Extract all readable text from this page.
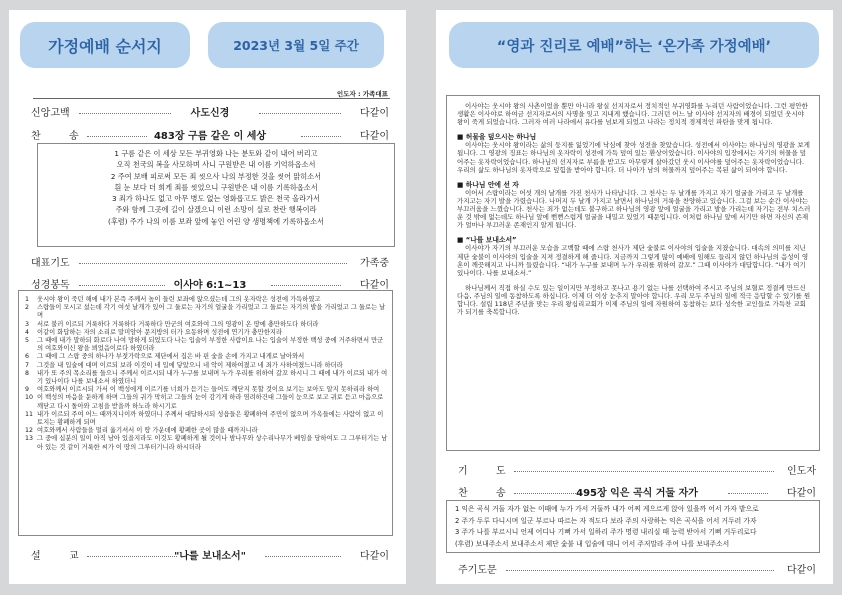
가정예배 순서지	2023년 3월 5일 주간
인도자 : 가족대표
신앙고백	사도신경	다같이
찬	송	483장 구름 같은 이 세상	다같이
1 구름 같은 이 세상 모든 부귀영화 나는 분토와 같이 내어 버리고
오직 천국의 복을 사모하며 사니 구원받은 내 이름 기억하옵소서
2 주여 보배 피로써 모든 죄 씻으사 나의 부정한 것을 씻어 맑히소서
흰 눈 보다 더 희게 죄를 씻었으니 구원받은 내 이름 기록하옵소서
3 죄가 하나도 없고 아무 병도 없는 영화롭고도 밝은 천국 올라가서
주와 함께 그곳에 길이 살겠으니 이런 소망이 실로 찬란 행복이라
(후렴) 주가 나의 이름 보좌 앞에 놓인 어린 양 생명책에 기록하옵소서
대표기도	가족중
성경봉독	이사야 6:1~13	다같이
1 웃시야 왕이 죽던 해에 내가 본즉 주께서 높이 들린 보좌에 앉으셨는데 그의 옷자락은 성전에 가득하였고
2 스랍들이 모시고 섰는데 각기 여섯 날개가 있어 그 둘로는 자기의 얼굴을 가리었고 그 둘로는 자기의 발을 가리었고 그 둘로는 날며
3 서로 불러 이르되 거룩하다 거룩하다 거룩하다 만군의 여호와여 그의 영광이 온 땅에 충만하도다 하더라
4 이같이 화답하는 자의 소리로 말미암아 문지방의 터가 요동하며 성전에 연기가 충만한지라
5 그 때에 내가 말하되 화로다 나여 망하게 되었도다 나는 입술이 부정한 사람이요 나는 입술이 부정한 백성 중에 거주하면서 만군의 여호와이신 왕을 뵈었음이로다 하였더라
6 그 때에 그 스랍 중의 하나가 부젓가락으로 제단에서 집은 바 핀 숯을 손에 가지고 내게로 날아와서
7 그것을 내 입술에 대며 이르되 보라 이것이 네 입에 닿았으니 네 악이 제하여졌고 네 죄가 사하여졌느니라 하더라
8 내가 또 주의 목소리를 들으니 주께서 이르시되 내가 누구를 보내며 누가 우리를 위하여 갈꼬 하시니 그 때에 내가 이르되 내가 여기 있나이다 나를 보내소서 하였더니
9 여호와께서 이르시되 가서 이 백성에게 이르기를 너희가 듣기는 들어도 깨닫지 못할 것이요 보기는 보아도 알지 못하리라 하여
10 이 백성의 마음을 둔하게 하며 그들의 귀가 막히고 그들의 눈이 감기게 하라 염려하건대 그들이 눈으로 보고 귀로 듣고 마음으로 깨닫고 다시 돌아와 고침을 받을까 하노라 하시기로
11 내가 이르되 주여 어느 때까지니이까 하였더니 주께서 대답하시되 성읍들은 황폐하여 주민이 없으며 가옥들에는 사람이 없고 이 토지는 황폐하게 되며
12 여호와께서 사람들을 멀리 옮기셔서 이 땅 가운데에 황폐한 곳이 많을 때까지니라
13 그 중에 십분의 일이 아직 남아 있을지라도 이것도 황폐하게 될 것이나 밤나무와 상수리나무가 베임을 당하여도 그 그루터기는 남아 있는 것 같이 거룩한 씨가 이 땅의 그루터기니라 하시더라
설	교	"나를 보내소서"	다같이
“영과 진리로 예배”하는 ‘온가족 가정예배’

이사야는 웃시야 왕의 사촌이었을 뿐만 아니라 왕실 선지자로서 정치적인 부귀영화를 누리던 사람이었습니다. 그런 평안한 생활은 이사야로 하여금 선지자로서의 사명을 잊고 지내게 했습니다. 그러던 어느 날 이사야 선지자의 배경이 되었던 웃시야 왕이 죽게 되었습니다. 그러자 여러 나라에서 유다를 넘보게 되었고 나라는 정치적 경제적인 파탄을 맞게 됩니다.

■ 허물을 덮으시는 하나님

이사야는 웃시야 왕이라는 삶의 둥지를 잃었기에 낙심에 찾아 성전을 찾았습니다. 성전에서 이사야는 하나님의 영광을 보게 됩니다. 그 영광의 징표는 하나님의 옷자락이 성전에 가득 덮여 있는 환상이었습니다. 이사야의 입장에서는 자기의 허물을 덮어주는 옷자락이었습니다. 하나님의 선지자로 부름을 받고도 아무렇게 살아갔던 웃시 이사야를 덮어주는 옷자락이었습니다. 우리의 삶도 하나님의 옷자락으로 덮힘을 받아야 합니다. 더 나아가 남의 허물까지 덮어주는 복된 삶이 되어야 합니다.

■ 하나님 안에 선 자

이어서 스랍이라는 어섯 개의 날개를 가진 천사가 나타납니다. 그 천사는 두 날개를 가지고 자기 얼굴을 가리고 두 날개를 가지고는 자기 발을 가렸습니다. 나머지 두 날개 가지고 날면서 하나님의 거룩을 찬양하고 있습니다. 그걸 보는 순간 이사야는 부끄러움을 느꼈습니다. 천사는 죄가 없는데도 불구하고 하나님의 영광 앞에 얼굴을 가리고 발을 가리는데 자기는 전부 치스러운 것 밖에 없는데도 하나님 앞에 뻔뻔스럽게 얼굴을 내밀고 있었기 때문입니다. 이처럼 하나님 앞에 서기만 하면 자신의 존재가 얼마나 부끄러운 존재인지 알게 됩니다.

■ “나를 보내소서”

이사야가 자기의 부끄러운 모습을 고백할 때에 스랍 천사가 제단 숯불로 이사야의 입술을 지졌습니다. 대속의 의미를 지닌 제단 숯불이 이사야의 입술을 지져 정결하게 해 줍니다. 지금까지 그렇게 많이 예배에 임해도 들리지 않던 하나님의 음성이 영혼이 깨끗해지고 나니까 들렸습니다. “내가 누구를 보내며 누가 우리를 위하여 갈꼬.” 그때 이사야가 대답합니다. “내가 여기 있나이다. 나를 보내소서.”

하나님께서 직접 하실 수도 있는 일이지만 부정하고 못나고 용기 없는 나를 선택하여 주시고 주님의 보혈로 정결케 만드신 다음, 주님의 일에 동참하도록 하십니다. 이제 더 이상 눈추지 말아야 합니다. 우리 모두 주님의 일에 적극 응답할 수 있기를 원합니다. 설립 118년 주년을 맞는 우리 왕십리교회가 이제 주님의 일에 자원하여 동참하는 보다 성숙한 교인들로 가득찬 교회가 되기를 축복합니다.

기	도	인도자
찬	송	495장 익은 곡식 거둘 자가	다같이
1 익은 곡식 거둘 자가 없는 이때에 누가 가서 거둘까 내가 어찌 게으르게 앉아 있을까 어서 가자 밭으로
2 주가 두루 다니시며 일군 부르나 따르는 자 적도다 보라 주의 사랑하는 익은 곡식을 어서 거두러 가자
3 주가 나를 부르시니 언제 어디나 기뻐 가서 일하리 주가 명령 내리실 때 능력 받아서 기뻐 거두리로다
(후렴) 보내주소서 보내주소서 제단 숯불 내 입술에 대니 어서 주저말라 주여 나를 보내주소서
주기도문	다같이
